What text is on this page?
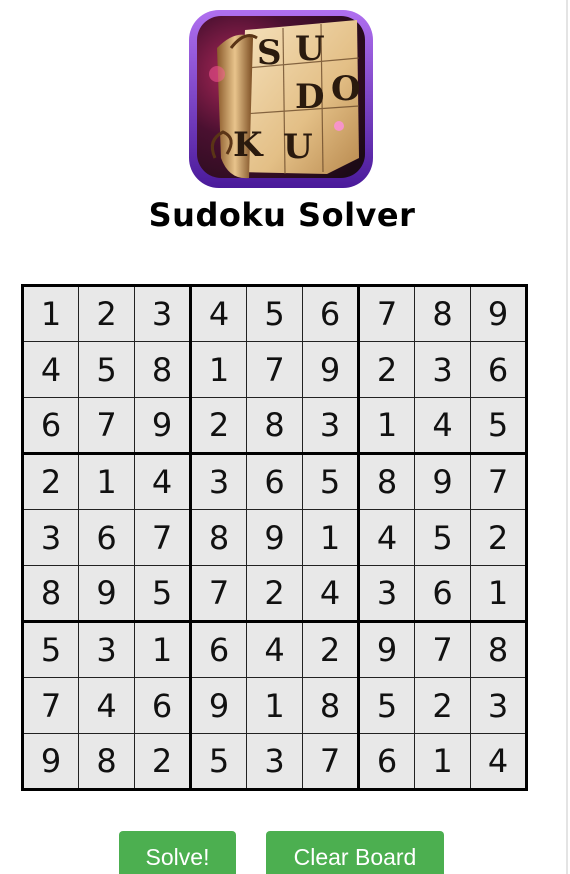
S U
D O
K U
Sudoku Solver
1	2	3	4	5	6	7	8	9
4	5	8	1	7	9	2	3	6
6	7	9	2	8	3	1	4	5
2	1	4	3	6	5	8	9	7
3	6	7	8	9	1	4	5	2
8	9	5	7	2	4	3	6	1
5	3	1	6	4	2	9	7	8
7	4	6	9	1	8	5	2	3
9	8	2	5	3	7	6	1	4
Solve!	Clear Board
